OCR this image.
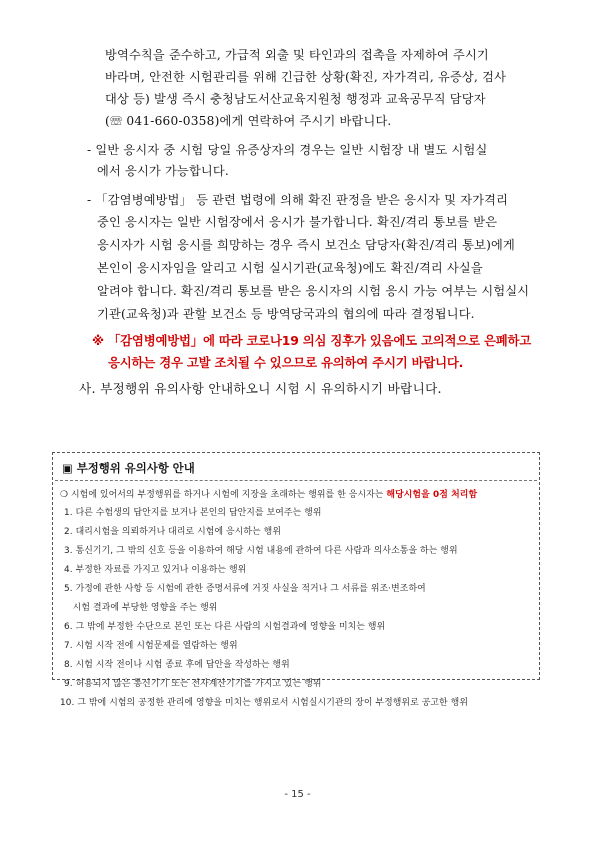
방역수칙을 준수하고, 가급적 외출 및 타인과의 접촉을 자제하여 주시기
바라며, 안전한 시험관리를 위해 긴급한 상황(확진, 자가격리, 유증상, 검사
대상 등) 발생 즉시 충청남도서산교육지원청 행정과 교육공무직 담당자
(☏ 041-660-0358)에게 연락하여 주시기 바랍니다.
- 일반 응시자 중 시험 당일 유증상자의 경우는 일반 시험장 내 별도 시험실
에서 응시가 가능합니다.
- 「감염병예방법」 등 관련 법령에 의해 확진 판정을 받은 응시자 및 자가격리
중인 응시자는 일반 시험장에서 응시가 불가합니다. 확진/격리 통보를 받은
응시자가 시험 응시를 희망하는 경우 즉시 보건소 담당자(확진/격리 통보)에게
본인이 응시자임을 알리고 시험 실시기관(교육청)에도 확진/격리 사실을
알려야 합니다. 확진/격리 통보를 받은 응시자의 시험 응시 가능 여부는 시험실시
기관(교육청)과 관할 보건소 등 방역당국과의 협의에 따라 결정됩니다.
※ 「감염병예방법」에 따라 코로나19 의심 징후가 있음에도 고의적으로 은폐하고
응시하는 경우 고발 조치될 수 있으므로 유의하여 주시기 바랍니다.
사. 부정행위 유의사항 안내하오니 시험 시 유의하시기 바랍니다.
▣ 부정행위 유의사항 안내
❍ 시험에 있어서의 부정행위를 하거나 시험에 지장을 초래하는 행위를 한 응시자는 해당시험을 0점 처리함
1. 다른 수험생의 답안지를 보거나 본인의 답안지를 보여주는 행위
2. 대리시험을 의뢰하거나 대리로 시험에 응시하는 행위
3. 통신기기, 그 밖의 신호 등을 이용하여 해당 시험 내용에 관하여 다른 사람과 의사소통을 하는 행위
4. 부정한 자료를 가지고 있거나 이용하는 행위
5. 가정에 관한 사항 등 시험에 관한 증명서류에 거짓 사실을 적거나 그 서류를 위조·변조하여
시험 결과에 부당한 영향을 주는 행위
6. 그 밖에 부정한 수단으로 본인 또는 다른 사람의 시험결과에 영향을 미치는 행위
7. 시험 시작 전에 시험문제를 열람하는 행위
8. 시험 시작 전이나 시험 종료 후에 답안을 작성하는 행위
9. 허용되지 않은 통신기기 또는 전자계산기기를 가지고 있는 행위
10. 그 밖에 시험의 공정한 관리에 영향을 미치는 행위로서 시험실시기관의 장이 부정행위로 공고한 행위
- 15 -
